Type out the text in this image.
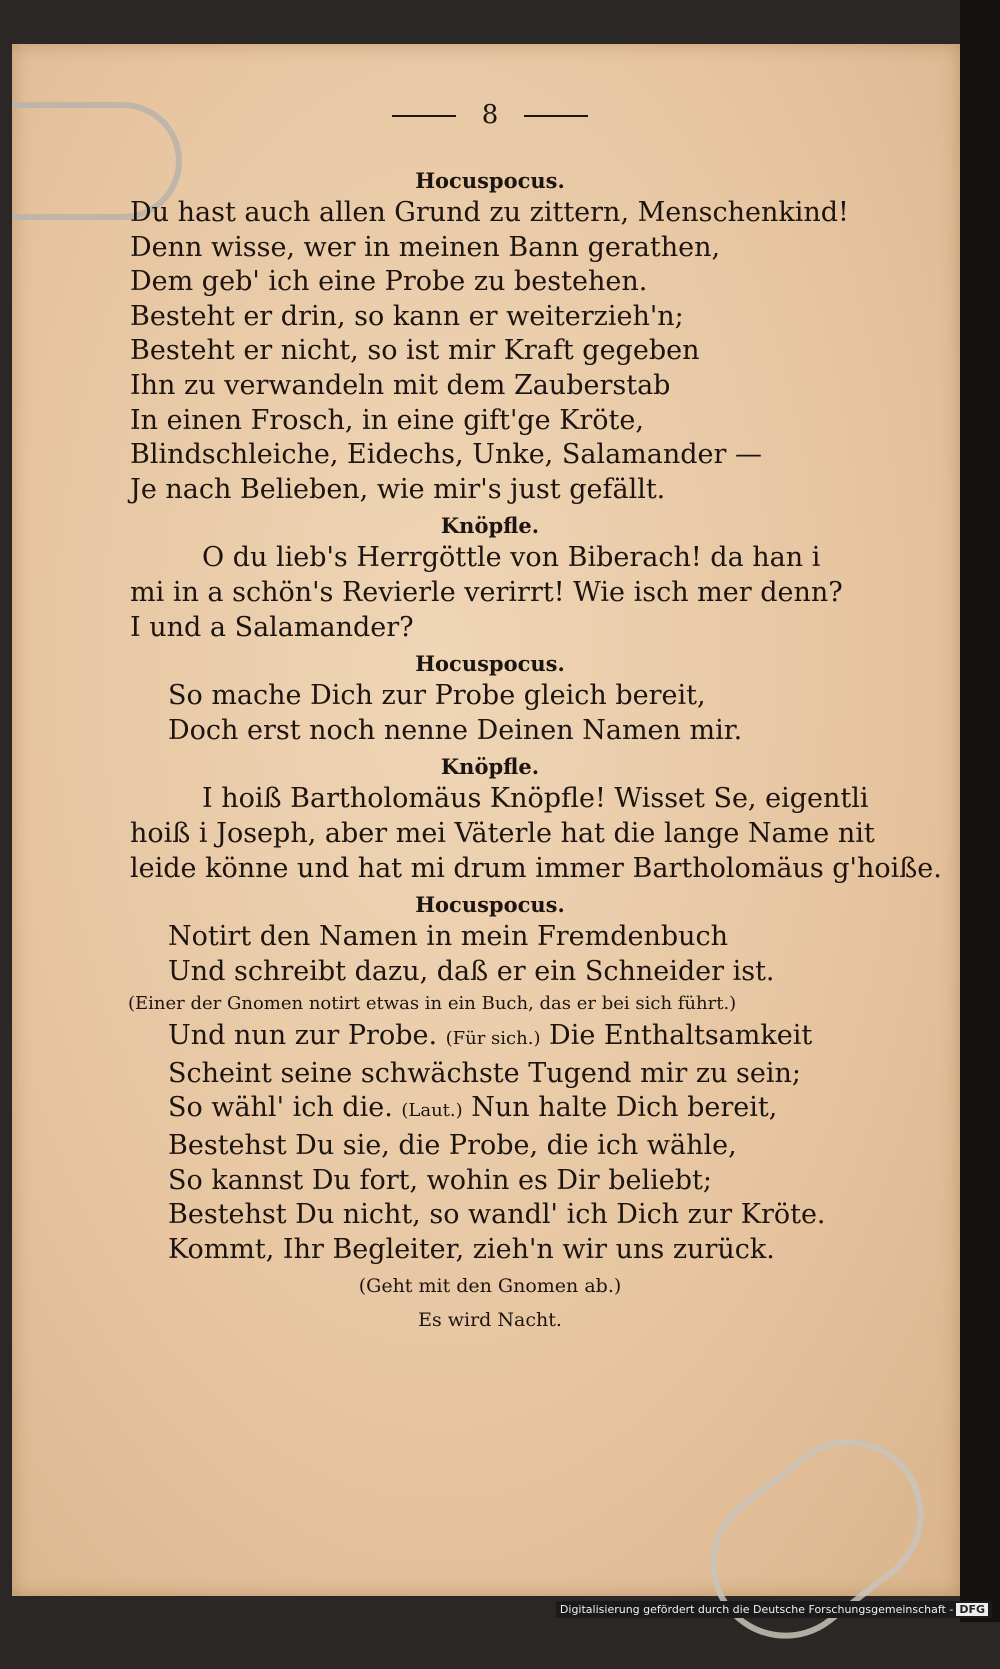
8
Hocuspocus.
Du hast auch allen Grund zu zittern, Menschenkind!
Denn wisse, wer in meinen Bann gerathen,
Dem geb' ich eine Probe zu bestehen.
Besteht er drin, so kann er weiterzieh'n;
Besteht er nicht, so ist mir Kraft gegeben
Ihn zu verwandeln mit dem Zauberstab
In einen Frosch, in eine gift'ge Kröte,
Blindschleiche, Eidechs, Unke, Salamander —
Je nach Belieben, wie mir's just gefällt.
Knöpfle.
O du lieb's Herrgöttle von Biberach! da han i
mi in a schön's Revierle verirrt! Wie isch mer denn?
I und a Salamander?
Hocuspocus.
So mache Dich zur Probe gleich bereit,
Doch erst noch nenne Deinen Namen mir.
Knöpfle.
I hoiß Bartholomäus Knöpfle! Wisset Se, eigentli
hoiß i Joseph, aber mei Väterle hat die lange Name nit
leide könne und hat mi drum immer Bartholomäus g'hoiße.
Hocuspocus.
Notirt den Namen in mein Fremdenbuch
Und schreibt dazu, daß er ein Schneider ist.
(Einer der Gnomen notirt etwas in ein Buch, das er bei sich führt.)
Und nun zur Probe. (Für sich.) Die Enthaltsamkeit
Scheint seine schwächste Tugend mir zu sein;
So wähl' ich die. (Laut.) Nun halte Dich bereit,
Bestehst Du sie, die Probe, die ich wähle,
So kannst Du fort, wohin es Dir beliebt;
Bestehst Du nicht, so wandl' ich Dich zur Kröte.
Kommt, Ihr Begleiter, zieh'n wir uns zurück.
(Geht mit den Gnomen ab.)
Es wird Nacht.
Digitalisierung gefördert durch die Deutsche Forschungsgemeinschaft - DFG
